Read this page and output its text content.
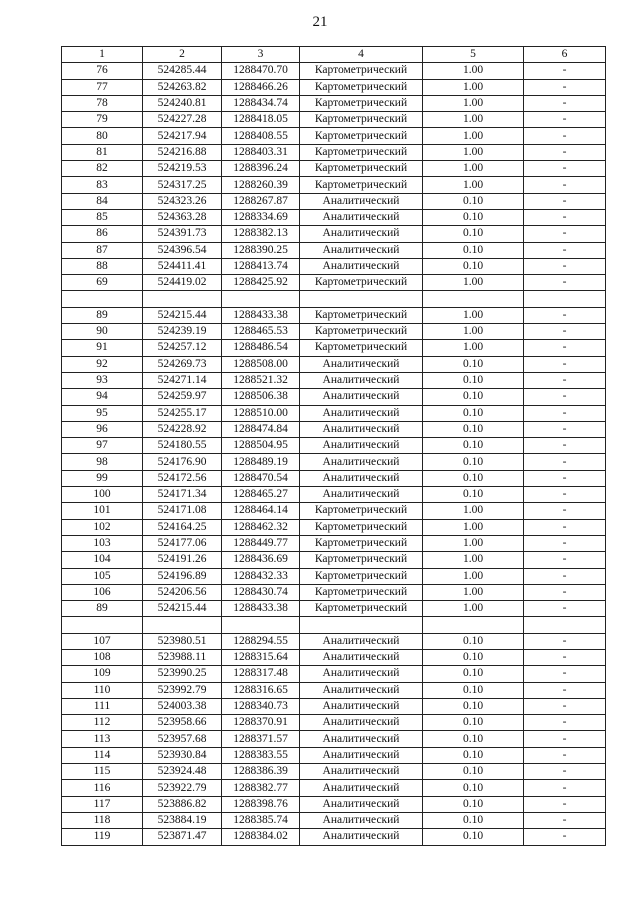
21
1	2	3	4	5	6
76	524285.44	1288470.70	Картометрический	1.00	-
77	524263.82	1288466.26	Картометрический	1.00	-
78	524240.81	1288434.74	Картометрический	1.00	-
79	524227.28	1288418.05	Картометрический	1.00	-
80	524217.94	1288408.55	Картометрический	1.00	-
81	524216.88	1288403.31	Картометрический	1.00	-
82	524219.53	1288396.24	Картометрический	1.00	-
83	524317.25	1288260.39	Картометрический	1.00	-
84	524323.26	1288267.87	Аналитический	0.10	-
85	524363.28	1288334.69	Аналитический	0.10	-
86	524391.73	1288382.13	Аналитический	0.10	-
87	524396.54	1288390.25	Аналитический	0.10	-
88	524411.41	1288413.74	Аналитический	0.10	-
69	524419.02	1288425.92	Картометрический	1.00	-

89	524215.44	1288433.38	Картометрический	1.00	-
90	524239.19	1288465.53	Картометрический	1.00	-
91	524257.12	1288486.54	Картометрический	1.00	-
92	524269.73	1288508.00	Аналитический	0.10	-
93	524271.14	1288521.32	Аналитический	0.10	-
94	524259.97	1288506.38	Аналитический	0.10	-
95	524255.17	1288510.00	Аналитический	0.10	-
96	524228.92	1288474.84	Аналитический	0.10	-
97	524180.55	1288504.95	Аналитический	0.10	-
98	524176.90	1288489.19	Аналитический	0.10	-
99	524172.56	1288470.54	Аналитический	0.10	-
100	524171.34	1288465.27	Аналитический	0.10	-
101	524171.08	1288464.14	Картометрический	1.00	-
102	524164.25	1288462.32	Картометрический	1.00	-
103	524177.06	1288449.77	Картометрический	1.00	-
104	524191.26	1288436.69	Картометрический	1.00	-
105	524196.89	1288432.33	Картометрический	1.00	-
106	524206.56	1288430.74	Картометрический	1.00	-
89	524215.44	1288433.38	Картометрический	1.00	-

107	523980.51	1288294.55	Аналитический	0.10	-
108	523988.11	1288315.64	Аналитический	0.10	-
109	523990.25	1288317.48	Аналитический	0.10	-
110	523992.79	1288316.65	Аналитический	0.10	-
111	524003.38	1288340.73	Аналитический	0.10	-
112	523958.66	1288370.91	Аналитический	0.10	-
113	523957.68	1288371.57	Аналитический	0.10	-
114	523930.84	1288383.55	Аналитический	0.10	-
115	523924.48	1288386.39	Аналитический	0.10	-
116	523922.79	1288382.77	Аналитический	0.10	-
117	523886.82	1288398.76	Аналитический	0.10	-
118	523884.19	1288385.74	Аналитический	0.10	-
119	523871.47	1288384.02	Аналитический	0.10	-
